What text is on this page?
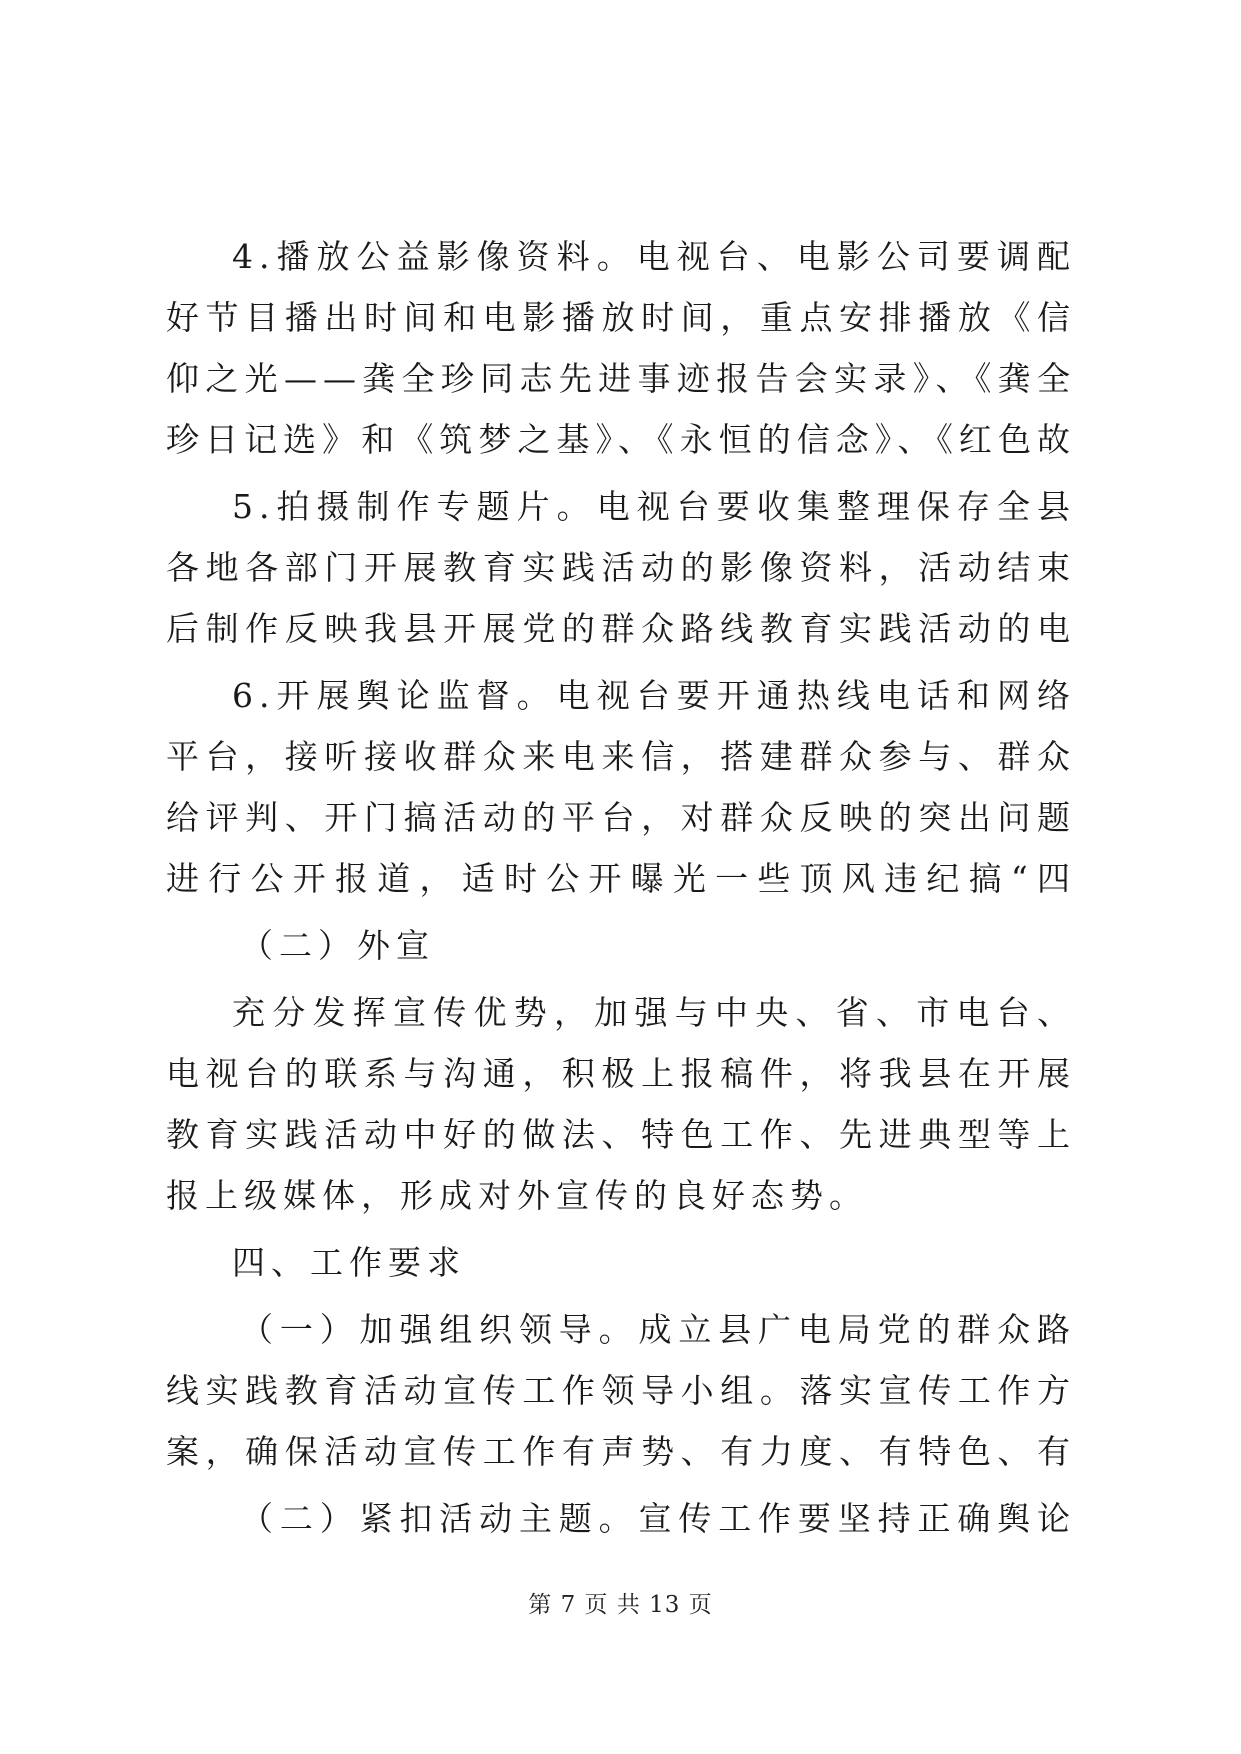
4.播放公益影像资料。电视台、电影公司要调配好节目播出时间和电影播放时间，重点安排播放《信仰之光——龚全珍同志先进事迹报告会实录》、《龚全珍日记选》和《筑梦之基》、《永恒的信念》、《红色故

5.拍摄制作专题片。电视台要收集整理保存全县各地各部门开展教育实践活动的影像资料，活动结束后制作反映我县开展党的群众路线教育实践活动的电

6.开展舆论监督。电视台要开通热线电话和网络平台，接听接收群众来电来信，搭建群众参与、群众给评判、开门搞活动的平台，对群众反映的突出问题进行公开报道，适时公开曝光一些顶风违纪搞“四

（二）外宣

充分发挥宣传优势，加强与中央、省、市电台、电视台的联系与沟通，积极上报稿件，将我县在开展教育实践活动中好的做法、特色工作、先进典型等上报上级媒体，形成对外宣传的良好态势。

四、工作要求

（一）加强组织领导。成立县广电局党的群众路线实践教育活动宣传工作领导小组。落实宣传工作方案，确保活动宣传工作有声势、有力度、有特色、有

（二）紧扣活动主题。宣传工作要坚持正确舆论

第 7 页 共 13 页
